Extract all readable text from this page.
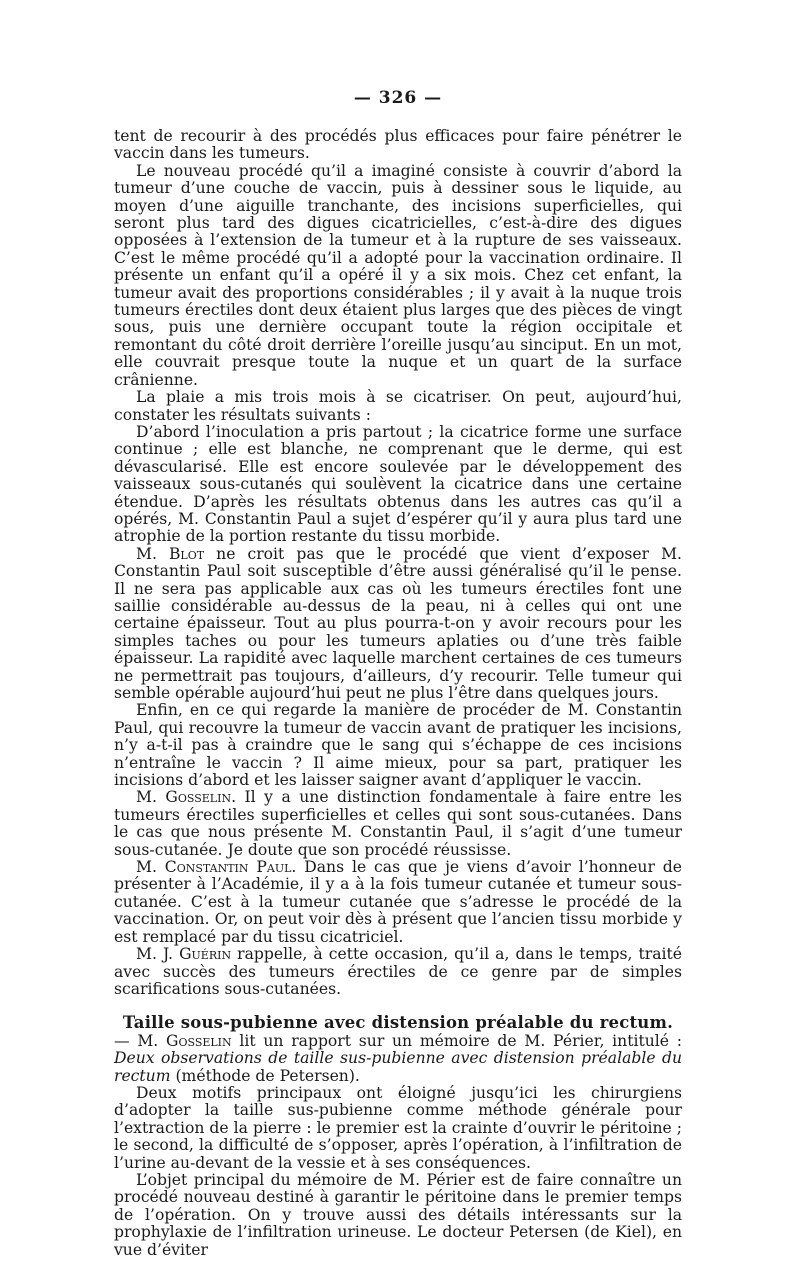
— 326 —

tent de recourir à des procédés plus efficaces pour faire pénétrer le vaccin dans les tumeurs.

Le nouveau procédé qu’il a imaginé consiste à couvrir d’abord la tumeur d’une couche de vaccin, puis à dessiner sous le liquide, au moyen d’une aiguille tranchante, des incisions superficielles, qui seront plus tard des digues cicatricielles, c’est-à-dire des digues opposées à l’extension de la tumeur et à la rupture de ses vaisseaux. C’est le même procédé qu’il a adopté pour la vaccination ordinaire. Il présente un enfant qu’il a opéré il y a six mois. Chez cet enfant, la tumeur avait des proportions considérables ; il y avait à la nuque trois tumeurs érectiles dont deux étaient plus larges que des pièces de vingt sous, puis une dernière occupant toute la région occipitale et remontant du côté droit derrière l’oreille jusqu’au sinciput. En un mot, elle couvrait presque toute la nuque et un quart de la surface crânienne.

La plaie a mis trois mois à se cicatriser. On peut, aujourd’hui, constater les résultats suivants :

D’abord l’inoculation a pris partout ; la cicatrice forme une surface continue ; elle est blanche, ne comprenant que le derme, qui est dévascularisé. Elle est encore soulevée par le développement des vaisseaux sous-cutanés qui soulèvent la cicatrice dans une certaine étendue. D’après les résultats obtenus dans les autres cas qu’il a opérés, M. Constantin Paul a sujet d’espérer qu’il y aura plus tard une atrophie de la portion restante du tissu morbide.

M. Blot ne croit pas que le procédé que vient d’exposer M. Constantin Paul soit susceptible d’être aussi généralisé qu’il le pense. Il ne sera pas applicable aux cas où les tumeurs érectiles font une saillie considérable au-dessus de la peau, ni à celles qui ont une certaine épaisseur. Tout au plus pourra-t-on y avoir recours pour les simples taches ou pour les tumeurs aplaties ou d’une très faible épaisseur. La rapidité avec laquelle marchent certaines de ces tumeurs ne permettrait pas toujours, d’ailleurs, d’y recourir. Telle tumeur qui semble opérable aujourd’hui peut ne plus l’être dans quelques jours.

Enfin, en ce qui regarde la manière de procéder de M. Constantin Paul, qui recouvre la tumeur de vaccin avant de pratiquer les incisions, n’y a-t-il pas à craindre que le sang qui s’échappe de ces incisions n’entraîne le vaccin ? Il aime mieux, pour sa part, pratiquer les incisions d’abord et les laisser saigner avant d’appliquer le vaccin.

M. Gosselin. Il y a une distinction fondamentale à faire entre les tumeurs érectiles superficielles et celles qui sont sous-cutanées. Dans le cas que nous présente M. Constantin Paul, il s’agit d’une tumeur sous-cutanée. Je doute que son procédé réussisse.

M. Constantin Paul. Dans le cas que je viens d’avoir l’honneur de présenter à l’Académie, il y a à la fois tumeur cutanée et tumeur sous-cutanée. C’est à la tumeur cutanée que s’adresse le procédé de la vaccination. Or, on peut voir dès à présent que l’ancien tissu morbide y est remplacé par du tissu cicatriciel.

M. J. Guérin rappelle, à cette occasion, qu’il a, dans le temps, traité avec succès des tumeurs érectiles de ce genre par de simples scarifications sous-cutanées.

Taille sous-pubienne avec distension préalable du rectum.

— M. Gosselin lit un rapport sur un mémoire de M. Périer, intitulé : Deux observations de taille sus-pubienne avec distension préalable du rectum (méthode de Petersen).

Deux motifs principaux ont éloigné jusqu’ici les chirurgiens d’adopter la taille sus-pubienne comme méthode générale pour l’extraction de la pierre : le premier est la crainte d’ouvrir le péritoine ; le second, la difficulté de s’opposer, après l’opération, à l’infiltration de l’urine au-devant de la vessie et à ses conséquences.

L’objet principal du mémoire de M. Périer est de faire connaître un procédé nouveau destiné à garantir le péritoine dans le premier temps de l’opération. On y trouve aussi des détails intéressants sur la prophylaxie de l’infiltration urineuse. Le docteur Petersen (de Kiel), en vue d’éviter
